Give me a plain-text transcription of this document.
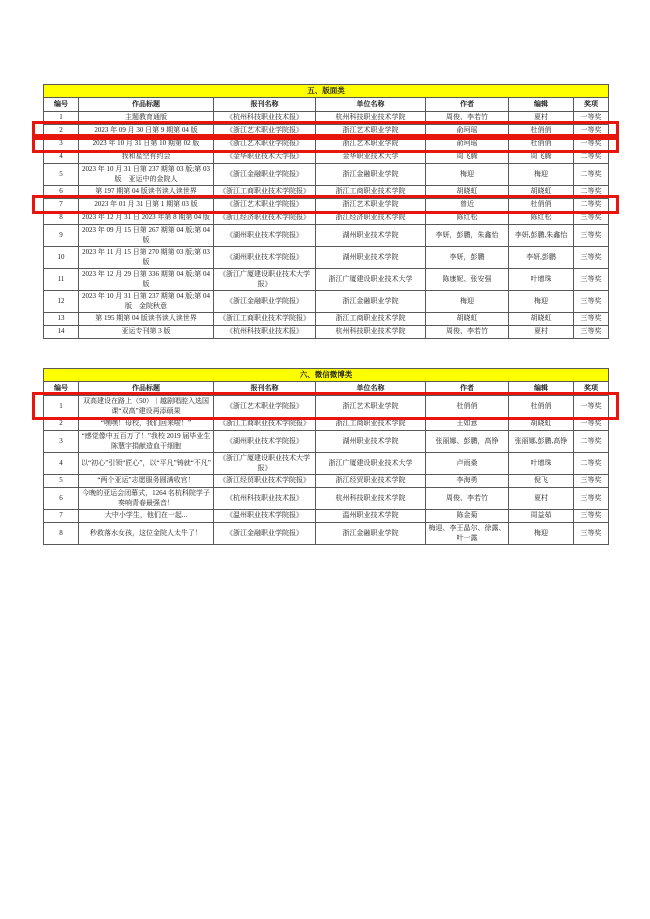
五、版面类						
编号	作品标题	报刊名称	单位名称	作者	编辑	奖项
1	主题教育通版	《杭州科技职业技术报》	杭州科技职业技术学院	周俊、李若竹	夏村	一等奖
2	2023 年 09 月 30 日第 9 期第 04 版	《浙江艺术职业学院报》	浙江艺术职业学院	俞珂瑶	杜俏俏	一等奖
3	2023 年 10 月 31 日第 10 期第 02 版	《浙江艺术职业学院报》	浙江艺术职业学院	俞珂瑶	杜俏俏	一等奖
4	我和星空有约会	《金华职业技术大学报》	金华职业技术大学	周飞腾	周飞腾	二等奖
5	2023 年 10 月 31 日第 237 期第 03 版;第 03 版　亚运中的金院人	《浙江金融职业学院报》	浙江金融职业学院	梅迎	梅迎	二等奖
6	第 197 期第 04 版读书读人读世界	《浙江工商职业技术学院报》	浙江工商职业技术学院	胡晓虹	胡晓虹	二等奖
7	2023 年 01 月 31 日第 1 期第 03 版	《浙江艺术职业学院报》	浙江艺术职业学院	曾近	杜俏俏	二等奖
8	2023 年 12 月 31 日 2023 年第 8 期第 04 版	《浙江经济职业技术学院报》	浙江经济职业技术学院	陈红松	陈红松	三等奖
9	2023 年 09 月 15 日第 267 期第 04 版;第 04 版	《湖州职业技术学院报》	湖州职业技术学院	李妍，彭鹏，朱鑫怡	李妍,彭鹏,朱鑫怡	三等奖
10	2023 年 11 月 15 日第 270 期第 03 版;第 03 版	《湖州职业技术学院报》	湖州职业技术学院	李妍，彭鹏	李妍,彭鹏	三等奖
11	2023 年 12 月 29 日第 336 期第 04 版;第 04 版	《浙江广厦建设职业技术大学报》	浙江广厦建设职业技术大学	陈康妮、张安强	叶增珠	三等奖
12	2023 年 10 月 31 日第 237 期第 04 版;第 04 版　金院秋意	《浙江金融职业学院报》	浙江金融职业学院	梅迎	梅迎	三等奖
13	第 195 期第 04 版读书读人读世界	《浙江工商职业技术学院报》	浙江工商职业技术学院	胡晓虹	胡晓虹	三等奖
14	亚运专刊第 3 版	《杭州科技职业技术报》	杭州科技职业技术学院	周俊、李若竹	夏村	三等奖
六、微信微博类						
编号	作品标题	报刊名称	单位名称	作者	编辑	奖项
1	双高建设在路上（50）｜越剧唱腔入选国课“双高”建设再添硕果	《浙江艺术职业学院报》	浙江艺术职业学院	杜俏俏	杜俏俏	一等奖
2	“嘿嘿！母校，我们回来啦！”	《浙江工商职业技术学院报》	浙江工商职业技术学院	王如意	胡晓虹	一等奖
3	“感觉像中五百万了！”我校 2019 届毕业生陈慧宇捐献造血干细胞	《湖州职业技术学院报》	湖州职业技术学院	张丽娜、彭鹏，高铮	张丽娜,彭鹏,高铮	二等奖
4	以“初心”引领“匠心”，以“平凡”铸就“不凡”	《浙江广厦建设职业技术大学报》	浙江广厦建设职业技术大学	卢雨桑	叶增珠	二等奖
5	“两个亚运”志愿服务圆满收官！	《浙江经贸职业技术学院报》	浙江经贸职业技术学院	李海勇	倪飞	三等奖
6	今晚的亚运会闭幕式，1264 名杭科院学子奏响青春最强音！	《杭州科技职业技术报》	杭州科技职业技术学院	周俊、李若竹	夏村	三等奖
7	大中小学生，他们在一起...	《温州职业技术学院报》	温州职业技术学院	陈金菊	周益茹	三等奖
8	秒救落水女孩，这位金院人太牛了！	《浙江金融职业学院报》	浙江金融职业学院	梅迎、李王晶尔、徐露、叶一露	梅迎	三等奖
